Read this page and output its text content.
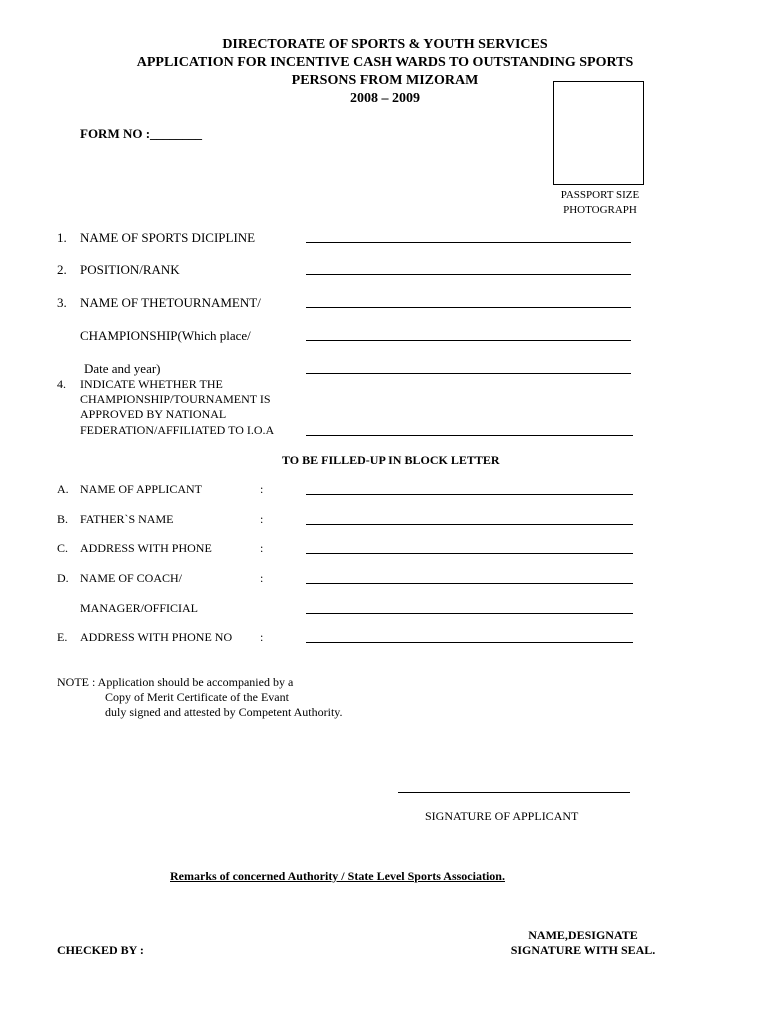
DIRECTORATE OF SPORTS & YOUTH SERVICES
APPLICATION FOR INCENTIVE CASH WARDS TO OUTSTANDING SPORTS
PERSONS FROM MIZORAM
2008 – 2009
PASSPORT SIZE
PHOTOGRAPH
FORM NO :________
1. NAME OF SPORTS DICIPLINE
2. POSITION/RANK
3. NAME OF THETOURNAMENT/
CHAMPIONSHIP(Which place/
Date and year)
4. INDICATE WHETHER THE
CHAMPIONSHIP/TOURNAMENT IS
APPROVED BY NATIONAL
FEDERATION/AFFILIATED TO I.O.A
TO BE FILLED-UP IN BLOCK LETTER
A. NAME OF APPLICANT	:
B. FATHER`S NAME	:
C. ADDRESS WITH PHONE	:
D. NAME OF COACH/	:
MANAGER/OFFICIAL
E. ADDRESS WITH PHONE NO :
NOTE : Application should be accompanied by a
Copy of Merit Certificate of the Evant
duly signed and attested by Competent Authority.
SIGNATURE OF APPLICANT
Remarks of concerned Authority / State Level Sports Association.
CHECKED BY :
NAME,DESIGNATE
SIGNATURE WITH SEAL.
